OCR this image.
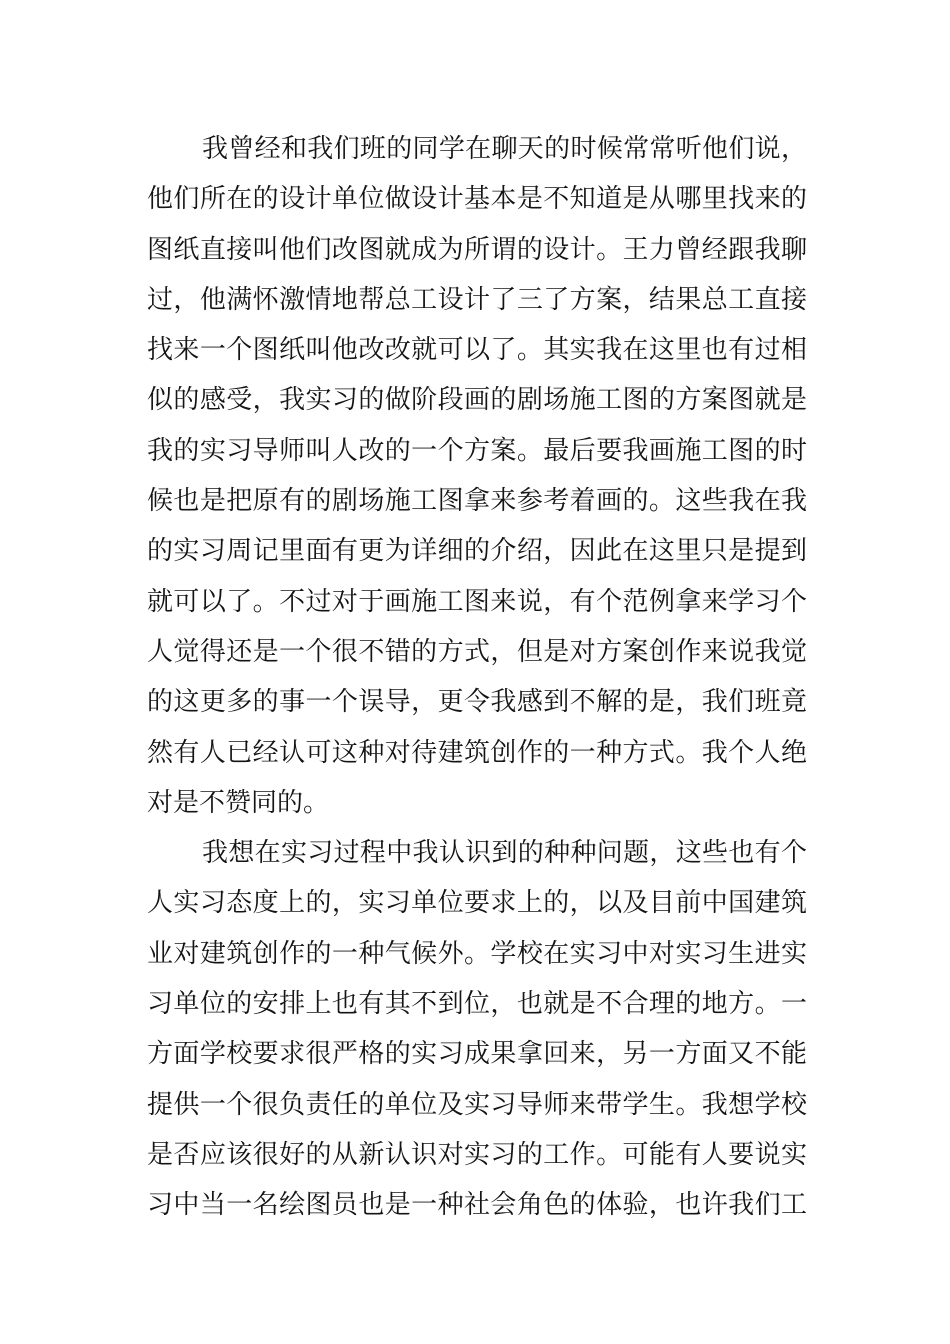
我曾经和我们班的同学在聊天的时候常常听他们说，
他们所在的设计单位做设计基本是不知道是从哪里找来的
图纸直接叫他们改图就成为所谓的设计。王力曾经跟我聊
过，他满怀激情地帮总工设计了三了方案，结果总工直接
找来一个图纸叫他改改就可以了。其实我在这里也有过相
似的感受，我实习的做阶段画的剧场施工图的方案图就是
我的实习导师叫人改的一个方案。最后要我画施工图的时
候也是把原有的剧场施工图拿来参考着画的。这些我在我
的实习周记里面有更为详细的介绍，因此在这里只是提到
就可以了。不过对于画施工图来说，有个范例拿来学习个
人觉得还是一个很不错的方式，但是对方案创作来说我觉
的这更多的事一个误导，更令我感到不解的是，我们班竟
然有人已经认可这种对待建筑创作的一种方式。我个人绝
对是不赞同的。
我想在实习过程中我认识到的种种问题，这些也有个
人实习态度上的，实习单位要求上的，以及目前中国建筑
业对建筑创作的一种气候外。学校在实习中对实习生进实
习单位的安排上也有其不到位，也就是不合理的地方。一
方面学校要求很严格的实习成果拿回来，另一方面又不能
提供一个很负责任的单位及实习导师来带学生。我想学校
是否应该很好的从新认识对实习的工作。可能有人要说实
习中当一名绘图员也是一种社会角色的体验，也许我们工
